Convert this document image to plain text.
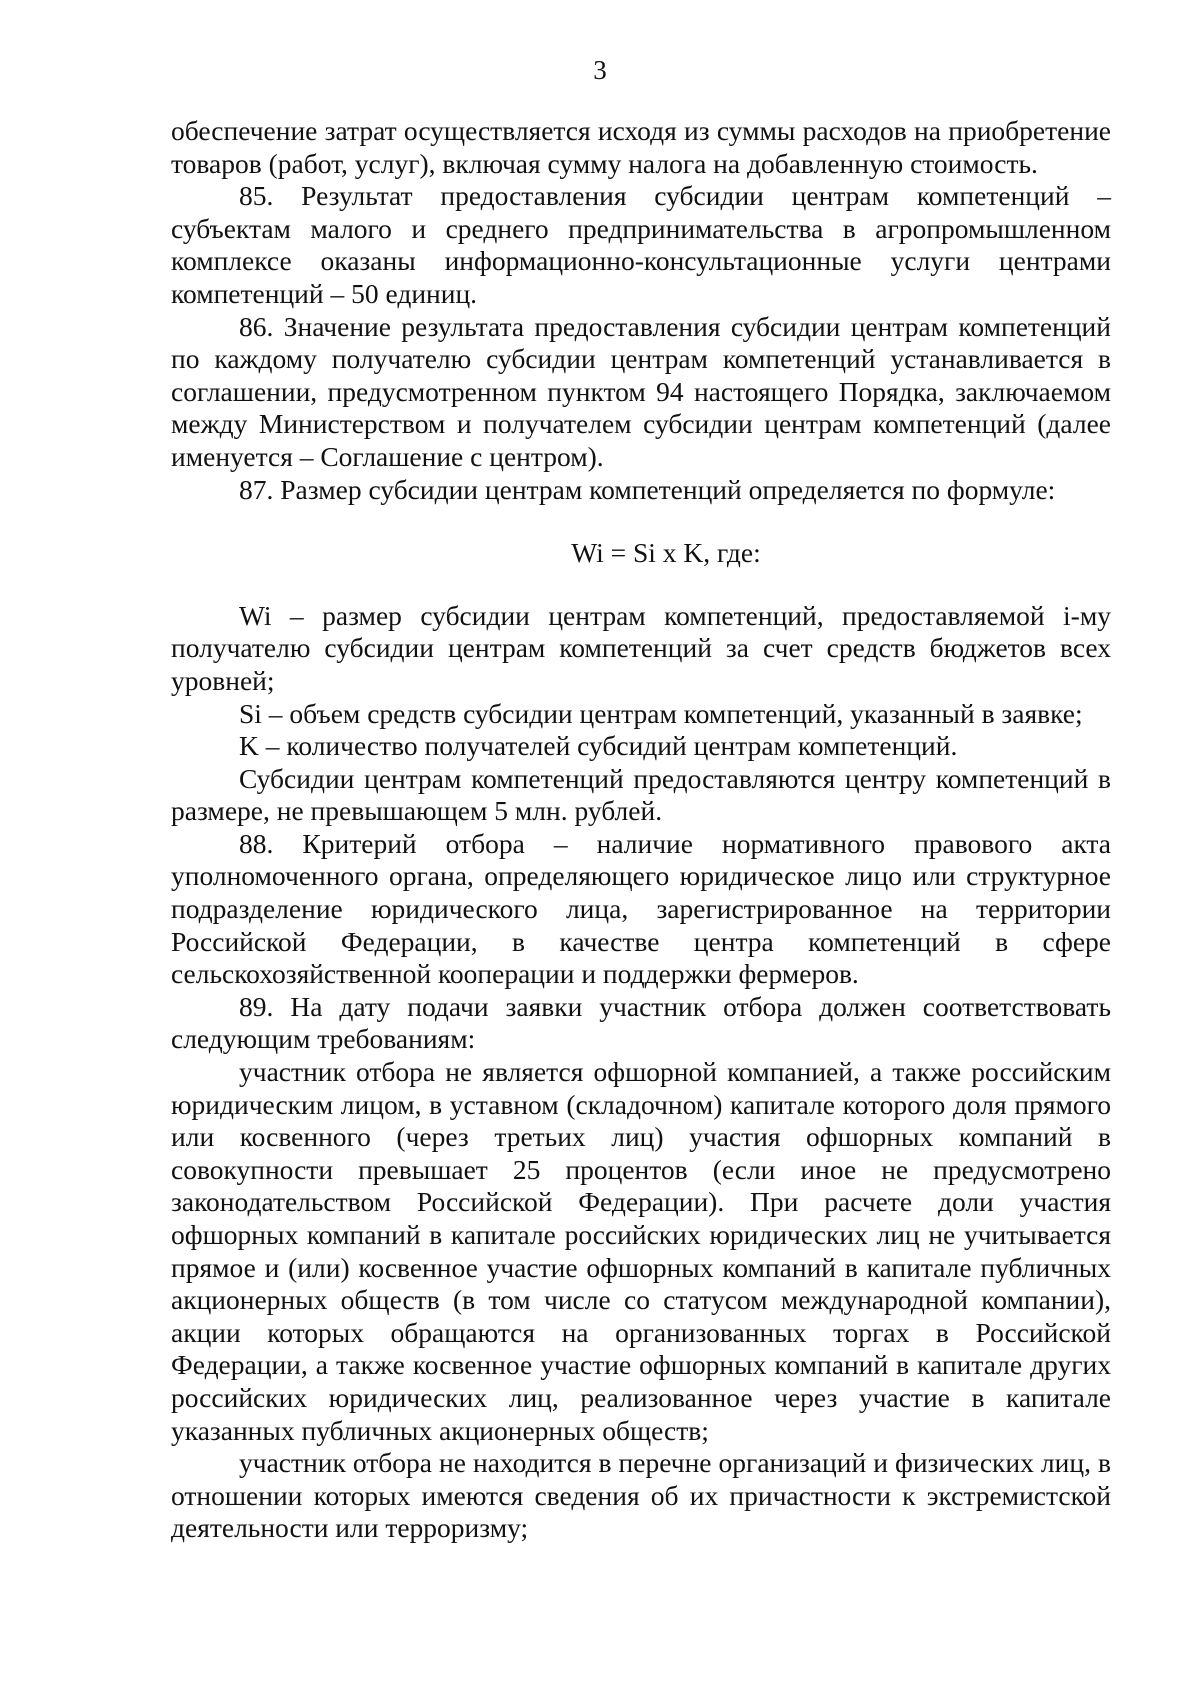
3

обеспечение затрат осуществляется исходя из суммы расходов на приобретение товаров (работ, услуг), включая сумму налога на добавленную стоимость.

85. Результат предоставления субсидии центрам компетенций – субъектам малого и среднего предпринимательства в агропромышленном комплексе оказаны информационно-консультационные услуги центрами компетенций – 50 единиц.

86. Значение результата предоставления субсидии центрам компетенций по каждому получателю субсидии центрам компетенций устанавливается в соглашении, предусмотренном пунктом 94 настоящего Порядка, заключаемом между Министерством и получателем субсидии центрам компетенций (далее именуется – Соглашение с центром).

87. Размер субсидии центрам компетенций определяется по формуле:

Wi = Si x K, где:

Wi – размер субсидии центрам компетенций, предоставляемой i-му получателю субсидии центрам компетенций за счет средств бюджетов всех уровней;

Si – объем средств субсидии центрам компетенций, указанный в заявке;

K – количество получателей субсидий центрам компетенций.

Субсидии центрам компетенций предоставляются центру компетенций в размере, не превышающем 5 млн. рублей.

88. Критерий отбора – наличие нормативного правового акта уполномоченного органа, определяющего юридическое лицо или структурное подразделение юридического лица, зарегистрированное на территории Российской Федерации, в качестве центра компетенций в сфере сельскохозяйственной кооперации и поддержки фермеров.

89. На дату подачи заявки участник отбора должен соответствовать следующим требованиям:

участник отбора не является офшорной компанией, а также российским юридическим лицом, в уставном (складочном) капитале которого доля прямого или косвенного (через третьих лиц) участия офшорных компаний в совокупности превышает 25 процентов (если иное не предусмотрено законодательством Российской Федерации). При расчете доли участия офшорных компаний в капитале российских юридических лиц не учитывается прямое и (или) косвенное участие офшорных компаний в капитале публичных акционерных обществ (в том числе со статусом международной компании), акции которых обращаются на организованных торгах в Российской Федерации, а также косвенное участие офшорных компаний в капитале других российских юридических лиц, реализованное через участие в капитале указанных публичных акционерных обществ;

участник отбора не находится в перечне организаций и физических лиц, в отношении которых имеются сведения об их причастности к экстремистской деятельности или терроризму;
